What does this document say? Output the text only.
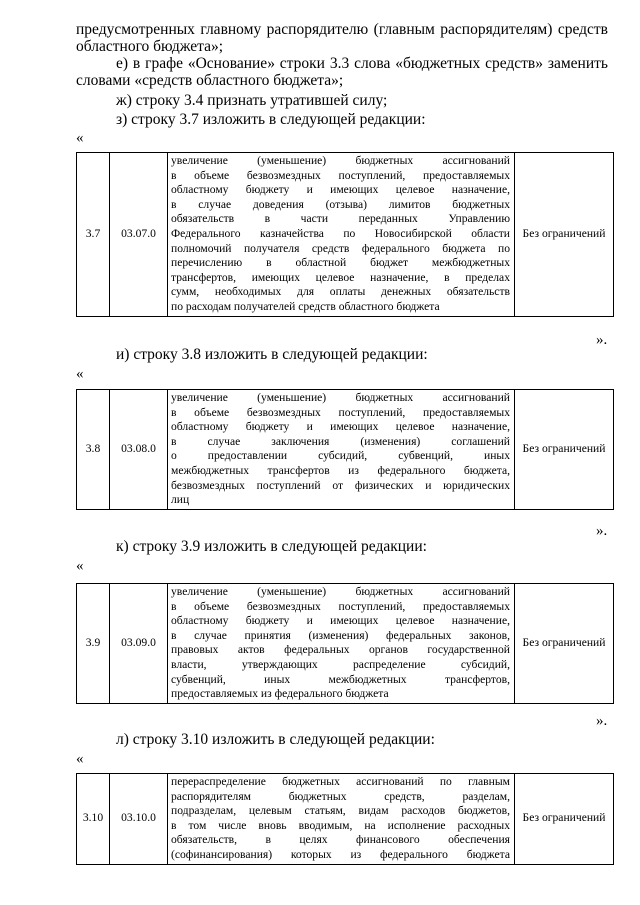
предусмотренных главному распорядителю (главным распорядителям) средств
областного бюджета»;
е) в графе «Основание» строки 3.3 слова «бюджетных средств» заменить
словами «средств областного бюджета»;
ж) строку 3.4 признать утратившей силу;
з) строку 3.7 изложить в следующей редакции:
«
3.7	03.07.0	
увеличение (уменьшение) бюджетных ассигнований
в объеме безвозмездных поступлений, предоставляемых
областному бюджету и имеющих целевое назначение,
в случае доведения (отзыва) лимитов бюджетных
обязательств в части переданных Управлению
Федерального казначейства по Новосибирской области
полномочий получателя средств федерального бюджета по
перечислению в областной бюджет межбюджетных
трансфертов, имеющих целевое назначение, в пределах
сумм, необходимых для оплаты денежных обязательств
по расходам получателей средств областного бюджета
	Без ограничений
».
и) строку 3.8 изложить в следующей редакции:
«
3.8	03.08.0	
увеличение (уменьшение) бюджетных ассигнований
в объеме безвозмездных поступлений, предоставляемых
областному бюджету и имеющих целевое назначение,
в случае заключения (изменения) соглашений
о предоставлении субсидий, субвенций, иных
межбюджетных трансфертов из федерального бюджета,
безвозмездных поступлений от физических и юридических
лиц
	Без ограничений
».
к) строку 3.9 изложить в следующей редакции:
«
3.9	03.09.0	
увеличение (уменьшение) бюджетных ассигнований
в объеме безвозмездных поступлений, предоставляемых
областному бюджету и имеющих целевое назначение,
в случае принятия (изменения) федеральных законов,
правовых актов федеральных органов государственной
власти, утверждающих распределение субсидий,
субвенций, иных межбюджетных трансфертов,
предоставляемых из федерального бюджета
	Без ограничений
».
л) строку 3.10 изложить в следующей редакции:
«
3.10	03.10.0	
перераспределение бюджетных ассигнований по главным
распорядителям бюджетных средств, разделам,
подразделам, целевым статьям, видам расходов бюджетов,
в том числе вновь вводимым, на исполнение расходных
обязательств, в целях финансового обеспечения
(софинансирования) которых из федерального бюджета
	Без ограничений
